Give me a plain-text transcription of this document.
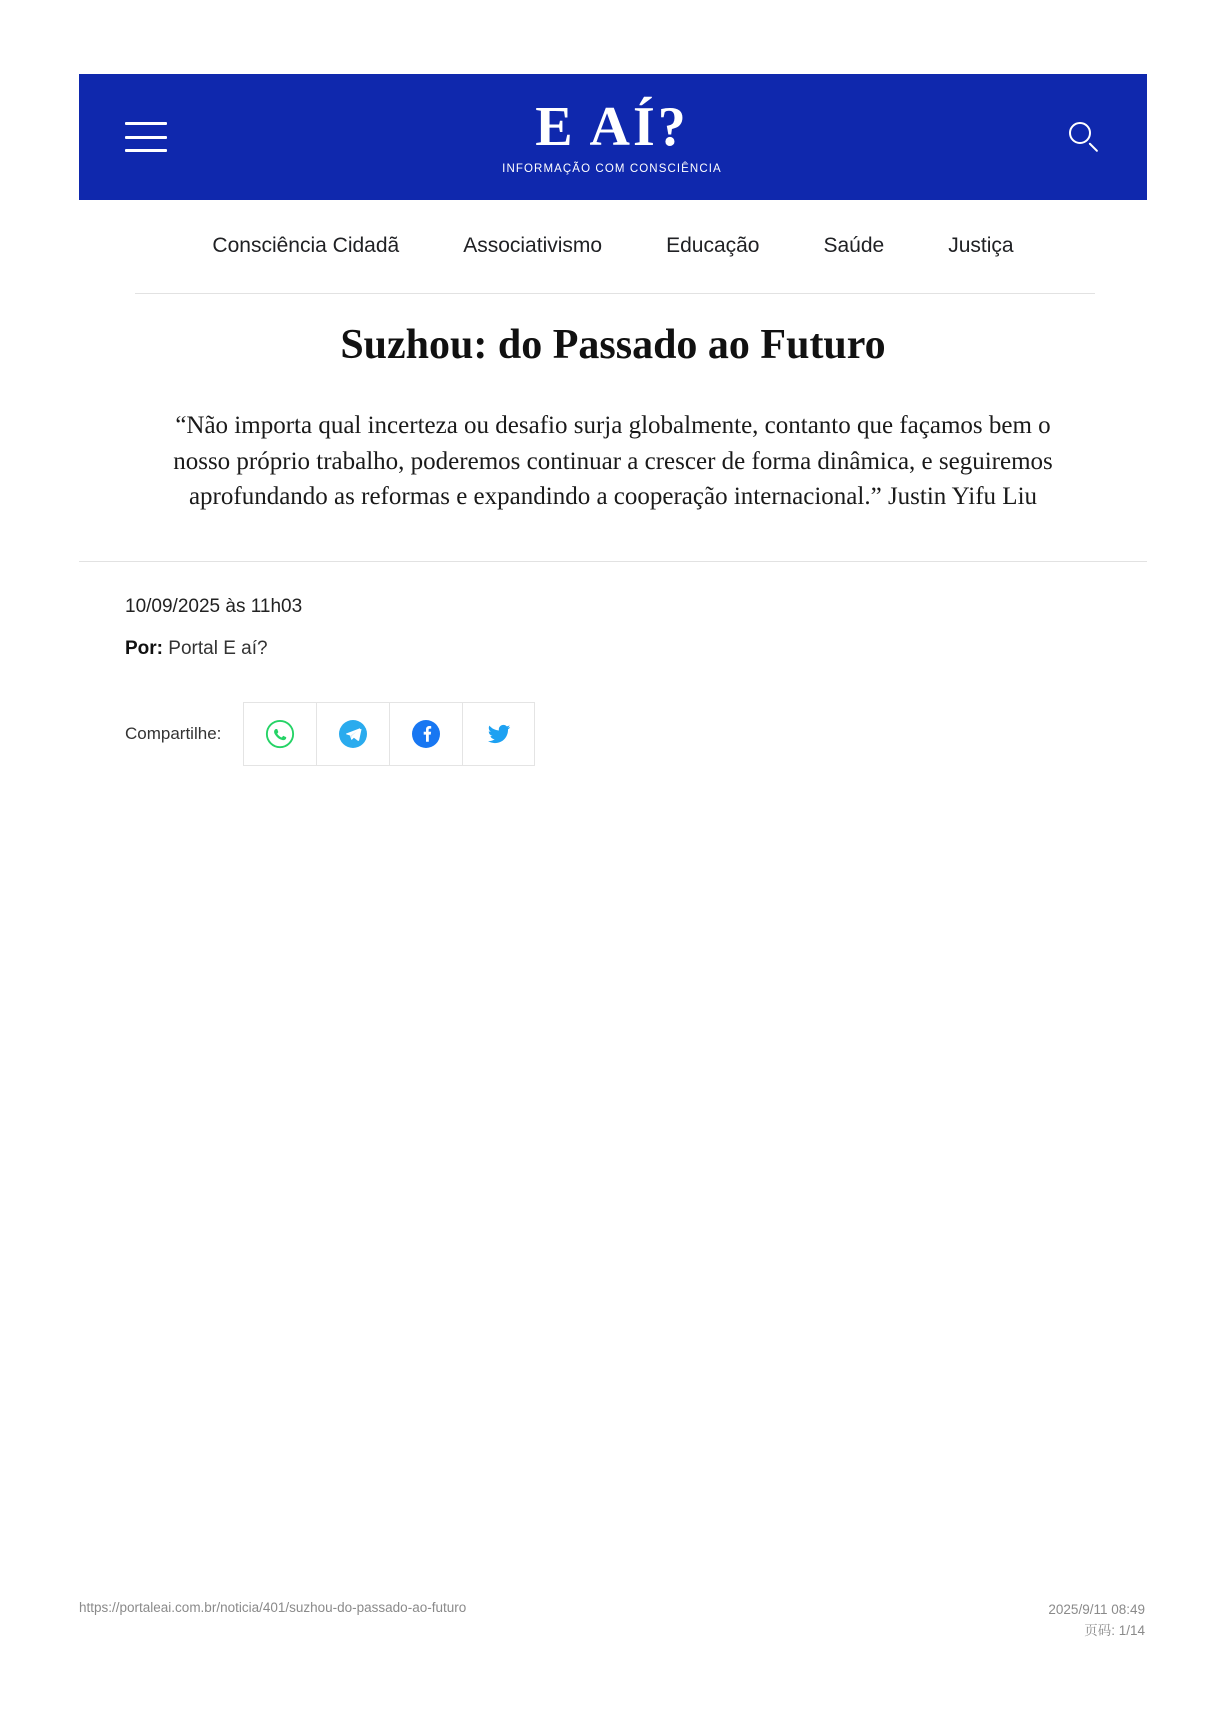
E AÍ?
INFORMAÇÃO COM CONSCIÊNCIA
Consciência Cidadã	Associativismo	Educação	Saúde	Justiça
Suzhou: do Passado ao Futuro
“Não importa qual incerteza ou desafio surja globalmente, contanto que façamos bem o nosso próprio trabalho, poderemos continuar a crescer de forma dinâmica, e seguiremos aprofundando as reformas e expandindo a cooperação internacional.” Justin Yifu Liu
10/09/2025 às 11h03
Por: Portal E aí?
Compartilhe:
https://portaleai.com.br/noticia/401/suzhou-do-passado-ao-futuro	2025/9/11 08:49
页码: 1/14
